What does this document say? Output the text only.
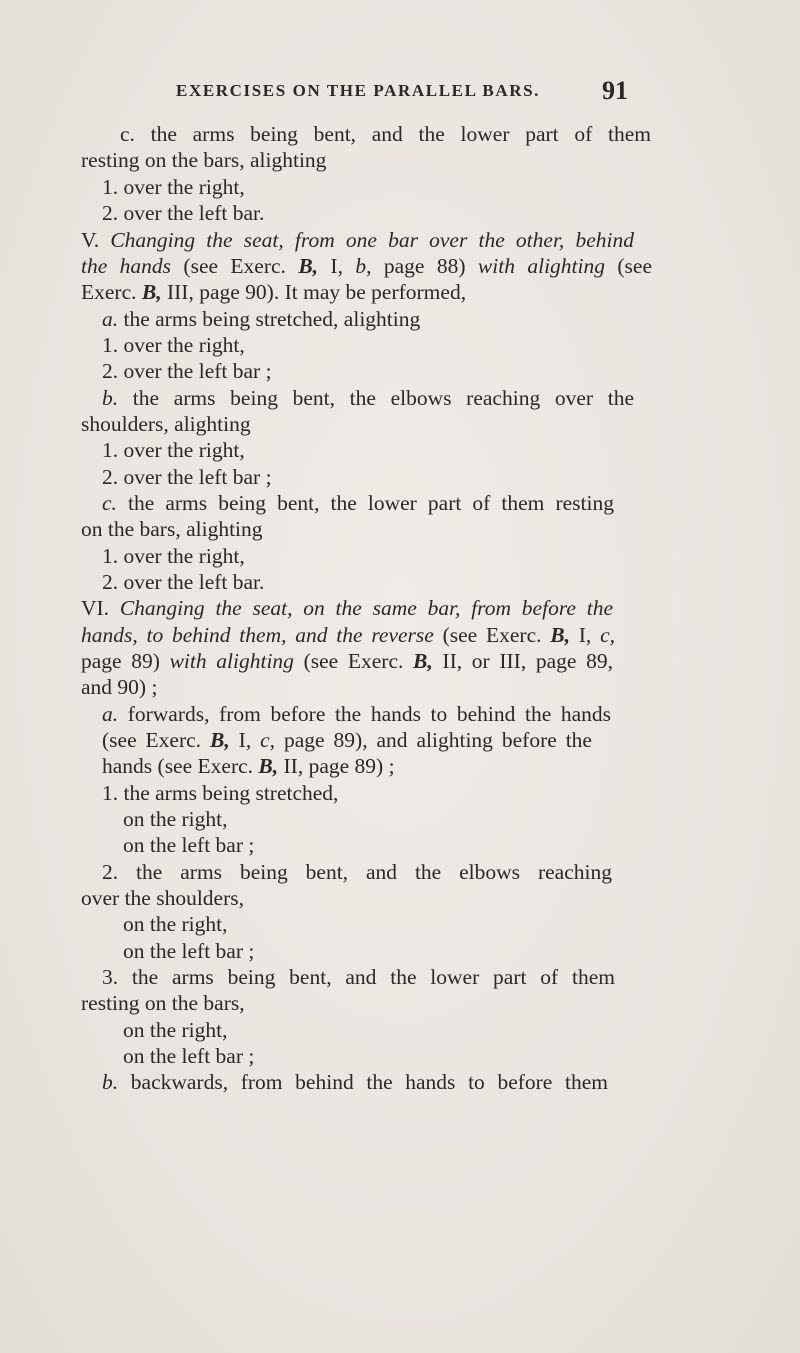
EXERCISES ON THE PARALLEL BARS. 91
c. the arms being bent, and the lower part of them
resting on the bars, alighting
1. over the right,
2. over the left bar.
V. Changing the seat, from one bar over the other, behind
the hands (see Exerc. B, I, b, page 88) with alighting (see
Exerc. B, III, page 90). It may be performed,
a. the arms being stretched, alighting
1. over the right,
2. over the left bar ;
b. the arms being bent, the elbows reaching over the
shoulders, alighting
1. over the right,
2. over the left bar ;
c. the arms being bent, the lower part of them resting
on the bars, alighting
1. over the right,
2. over the left bar.
VI. Changing the seat, on the same bar, from before the
hands, to behind them, and the reverse (see Exerc. B, I, c,
page 89) with alighting (see Exerc. B, II, or III, page 89,
and 90) ;
a. forwards, from before the hands to behind the hands
(see Exerc. B, I, c, page 89), and alighting before the
hands (see Exerc. B, II, page 89) ;
1. the arms being stretched,
on the right,
on the left bar ;
2. the arms being bent, and the elbows reaching
over the shoulders,
on the right,
on the left bar ;
3. the arms being bent, and the lower part of them
resting on the bars,
on the right,
on the left bar ;
b. backwards, from behind the hands to before them
